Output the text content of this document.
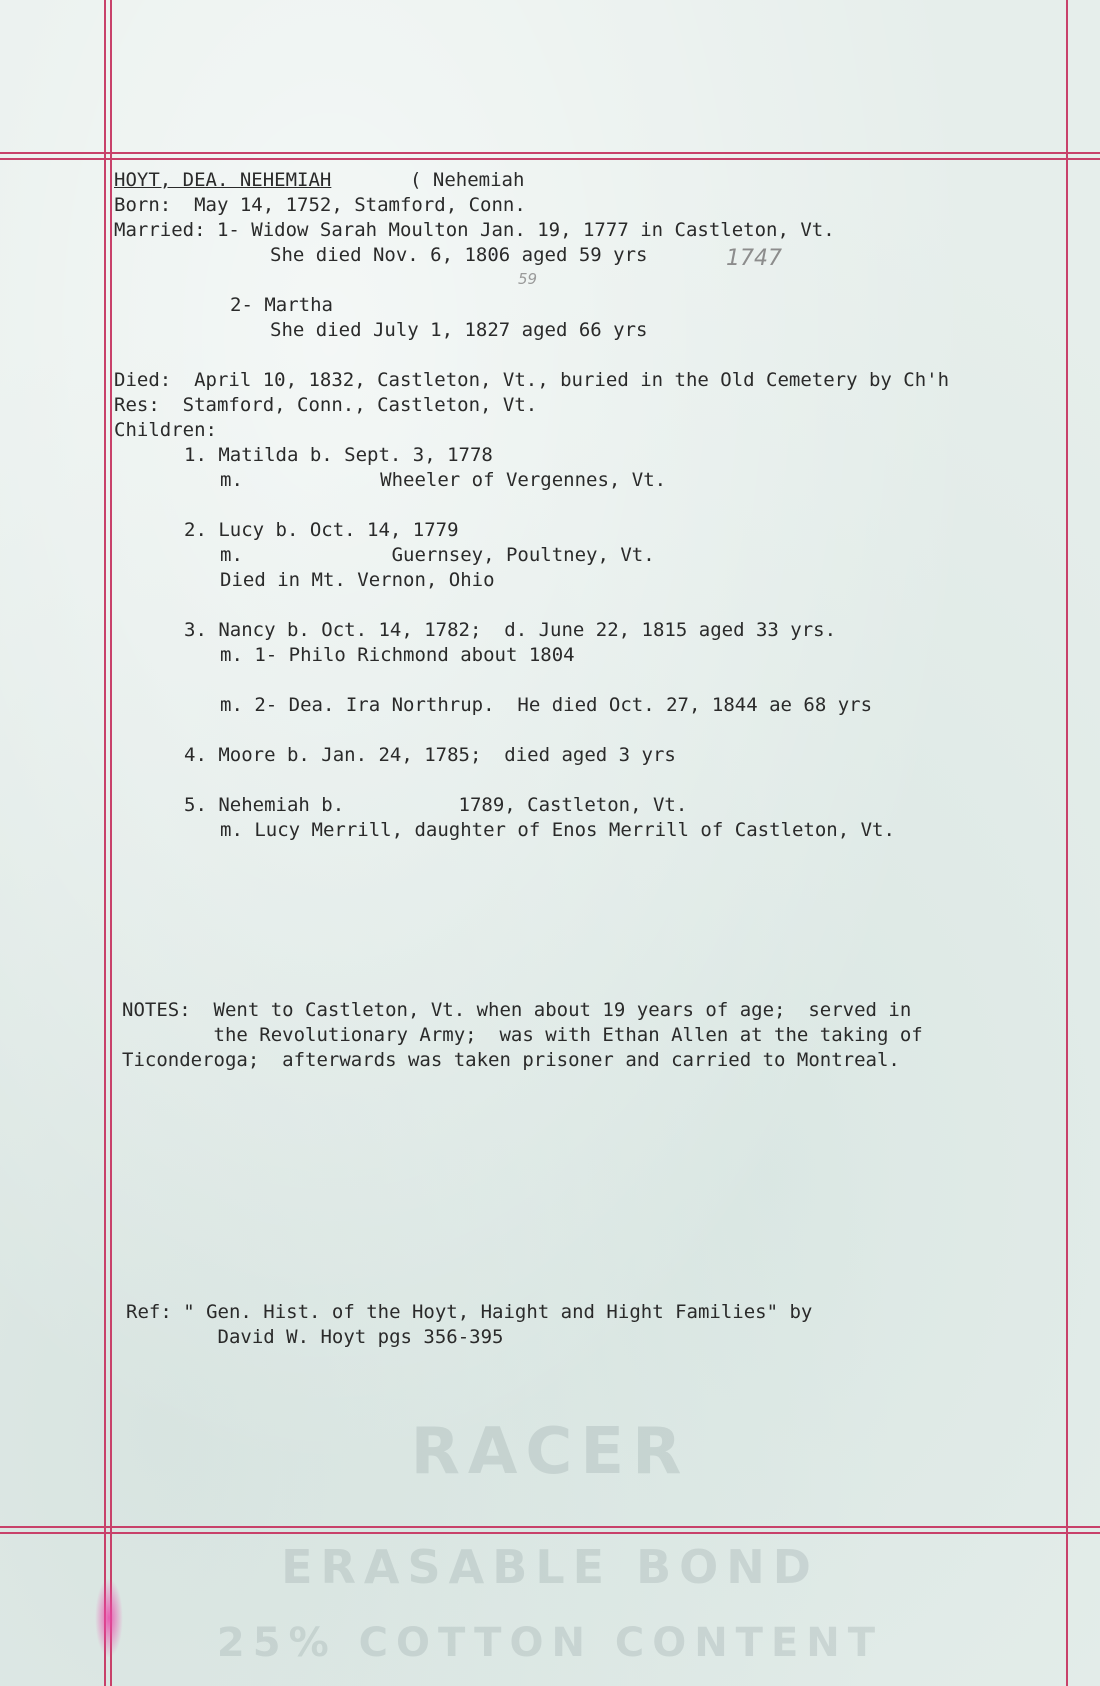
RACER
ERASABLE BOND
25% COTTON CONTENT
HOYT, DEA. NEHEMIAH	( Nehemiah
Born:  May 14, 1752, Stamford, Conn.
Married: 1- Widow Sarah Moulton Jan. 19, 1777 in Castleton, Vt.
She died Nov. 6, 1806 aged 59 yrs	1747
59
2- Martha
She died July 1, 1827 aged 66 yrs
Died:  April 10, 1832, Castleton, Vt., buried in the Old Cemetery by Ch'h
Res:  Stamford, Conn., Castleton, Vt.
Children:
1. Matilda b. Sept. 3, 1778
m.            Wheeler of Vergennes, Vt.
2. Lucy b. Oct. 14, 1779
m.             Guernsey, Poultney, Vt.
Died in Mt. Vernon, Ohio
3. Nancy b. Oct. 14, 1782;  d. June 22, 1815 aged 33 yrs.
m. 1- Philo Richmond about 1804
m. 2- Dea. Ira Northrup.  He died Oct. 27, 1844 ae 68 yrs
4. Moore b. Jan. 24, 1785;  died aged 3 yrs
5. Nehemiah b.          1789, Castleton, Vt.
m. Lucy Merrill, daughter of Enos Merrill of Castleton, Vt.
NOTES:  Went to Castleton, Vt. when about 19 years of age;  served in
the Revolutionary Army;  was with Ethan Allen at the taking of
Ticonderoga;  afterwards was taken prisoner and carried to Montreal.
Ref: " Gen. Hist. of the Hoyt, Haight and Hight Families" by
David W. Hoyt pgs 356-395
